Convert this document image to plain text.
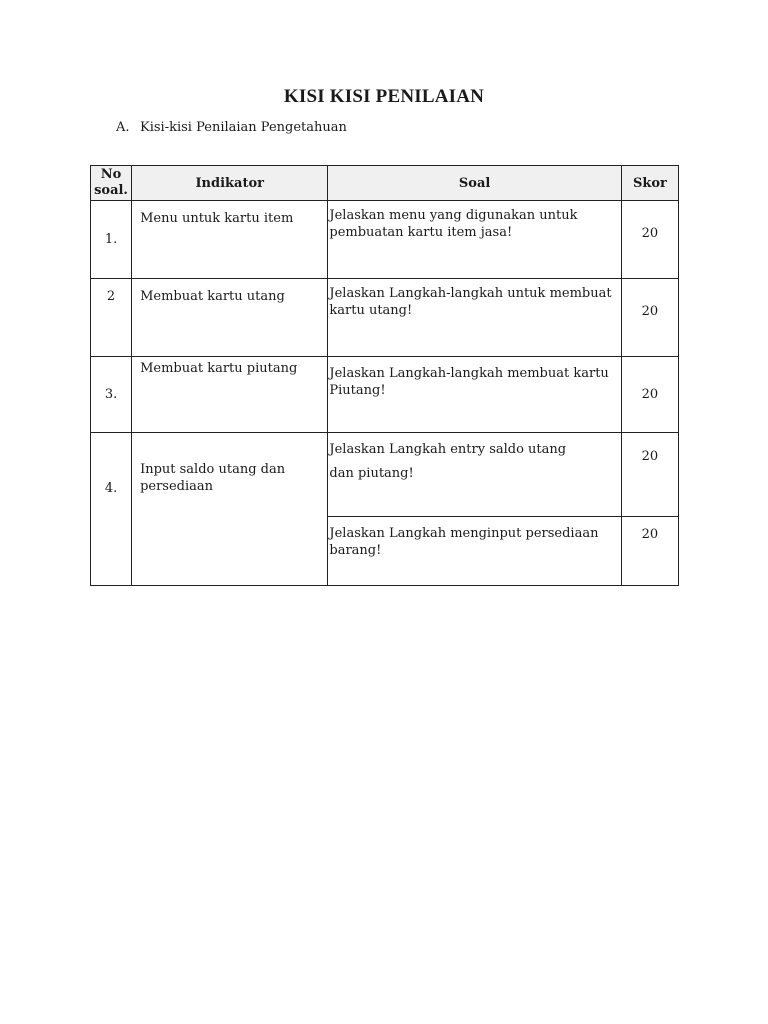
KISI KISI PENILAIAN
A. Kisi-kisi Penilaian Pengetahuan
No soal.	Indikator	Soal	Skor
1.	Menu untuk kartu item	Jelaskan menu yang digunakan untuk pembuatan kartu item jasa!	20

2	Membuat kartu utang	Jelaskan Langkah-langkah untuk membuat kartu utang!	20

3.	Membuat kartu piutang	Jelaskan Langkah-langkah membuat kartu Piutang!	20

4.	Input saldo utang dan persediaan	Jelaskan Langkah entry saldo utang
dan piutang!	20

		Jelaskan Langkah menginput persediaan barang!	20
